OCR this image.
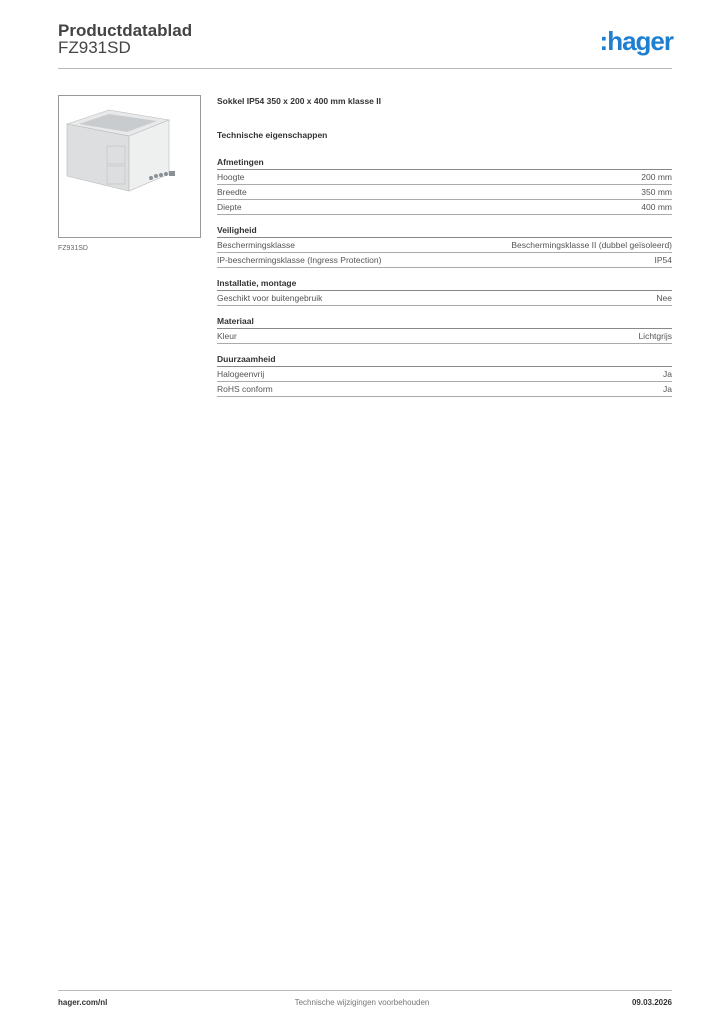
Productdatablad
FZ931SD	:hager
FZ931SD
Sokkel IP54 350 x 200 x 400 mm klasse II
Technische eigenschappen
Afmetingen
Hoogte	200 mm
Breedte	350 mm
Diepte	400 mm
Veiligheid
Beschermingsklasse	Beschermingsklasse II (dubbel geïsoleerd)
IP-beschermingsklasse (Ingress Protection)	IP54
Installatie, montage
Geschikt voor buitengebruik	Nee
Materiaal
Kleur	Lichtgrijs
Duurzaamheid
Halogeenvrij	Ja
RoHS conform	Ja
hager.com/nl	Technische wijzigingen voorbehouden	09.03.2026
